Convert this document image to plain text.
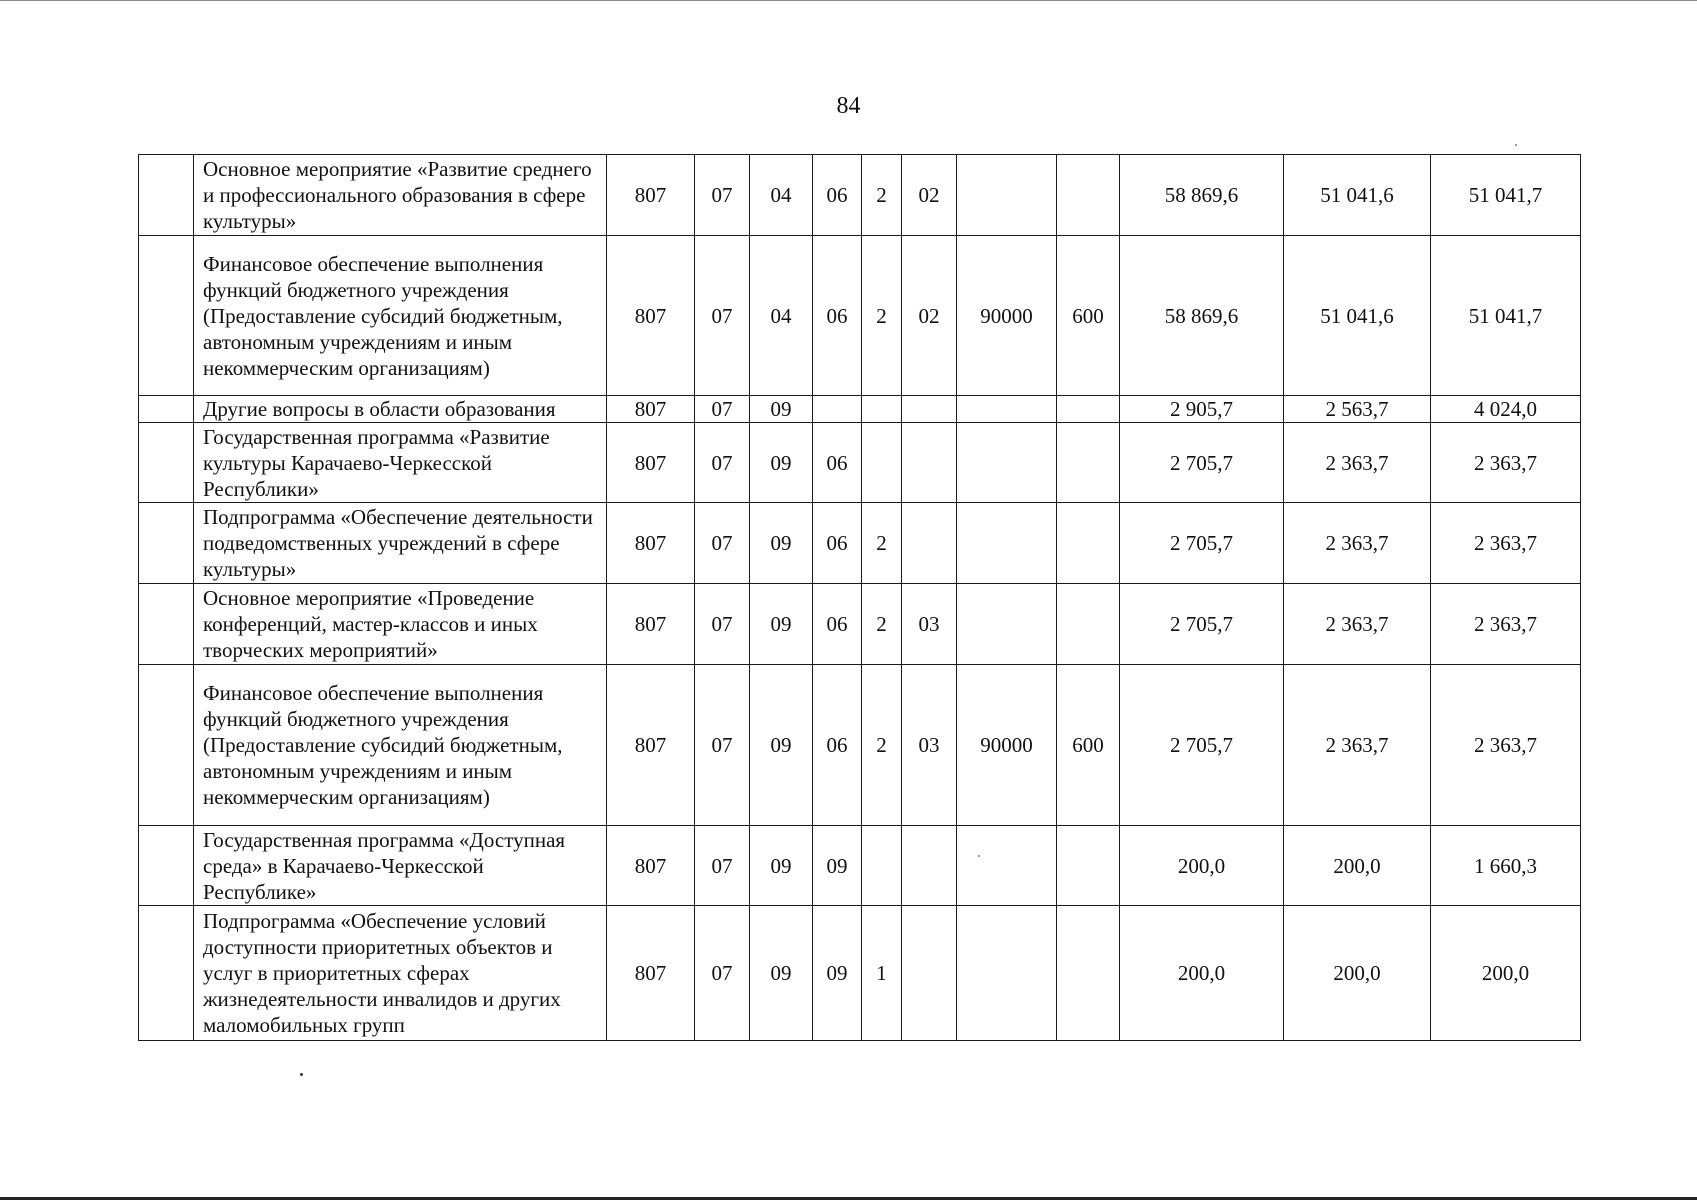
84
	Основное мероприятие «Развитие среднего и профессионального образования в сфере культуры»	807	07	04	06	2	02			58 869,6	51 041,6	51 041,7
	Финансовое обеспечение выполнения функций бюджетного учреждения (Предоставление субсидий бюджетным, автономным учреждениям и иным некоммерческим организациям)	807	07	04	06	2	02	90000	600	58 869,6	51 041,6	51 041,7
	Другие вопросы в области образования	807	07	09						2 905,7	2 563,7	4 024,0
	Государственная программа «Развитие культуры Карачаево-Черкесской Республики»	807	07	09	06					2 705,7	2 363,7	2 363,7
	Подпрограмма «Обеспечение деятельности подведомственных учреждений в сфере культуры»	807	07	09	06	2				2 705,7	2 363,7	2 363,7
	Основное мероприятие «Проведение конференций, мастер-классов и иных творческих мероприятий»	807	07	09	06	2	03			2 705,7	2 363,7	2 363,7
	Финансовое обеспечение выполнения функций бюджетного учреждения (Предоставление субсидий бюджетным, автономным учреждениям и иным некоммерческим организациям)	807	07	09	06	2	03	90000	600	2 705,7	2 363,7	2 363,7
	Государственная программа «Доступная среда» в Карачаево-Черкесской Республике»	807	07	09	09					200,0	200,0	1 660,3
	Подпрограмма «Обеспечение условий доступности приоритетных объектов и услуг в приоритетных сферах жизнедеятельности инвалидов и других маломобильных групп	807	07	09	09	1				200,0	200,0	200,0
